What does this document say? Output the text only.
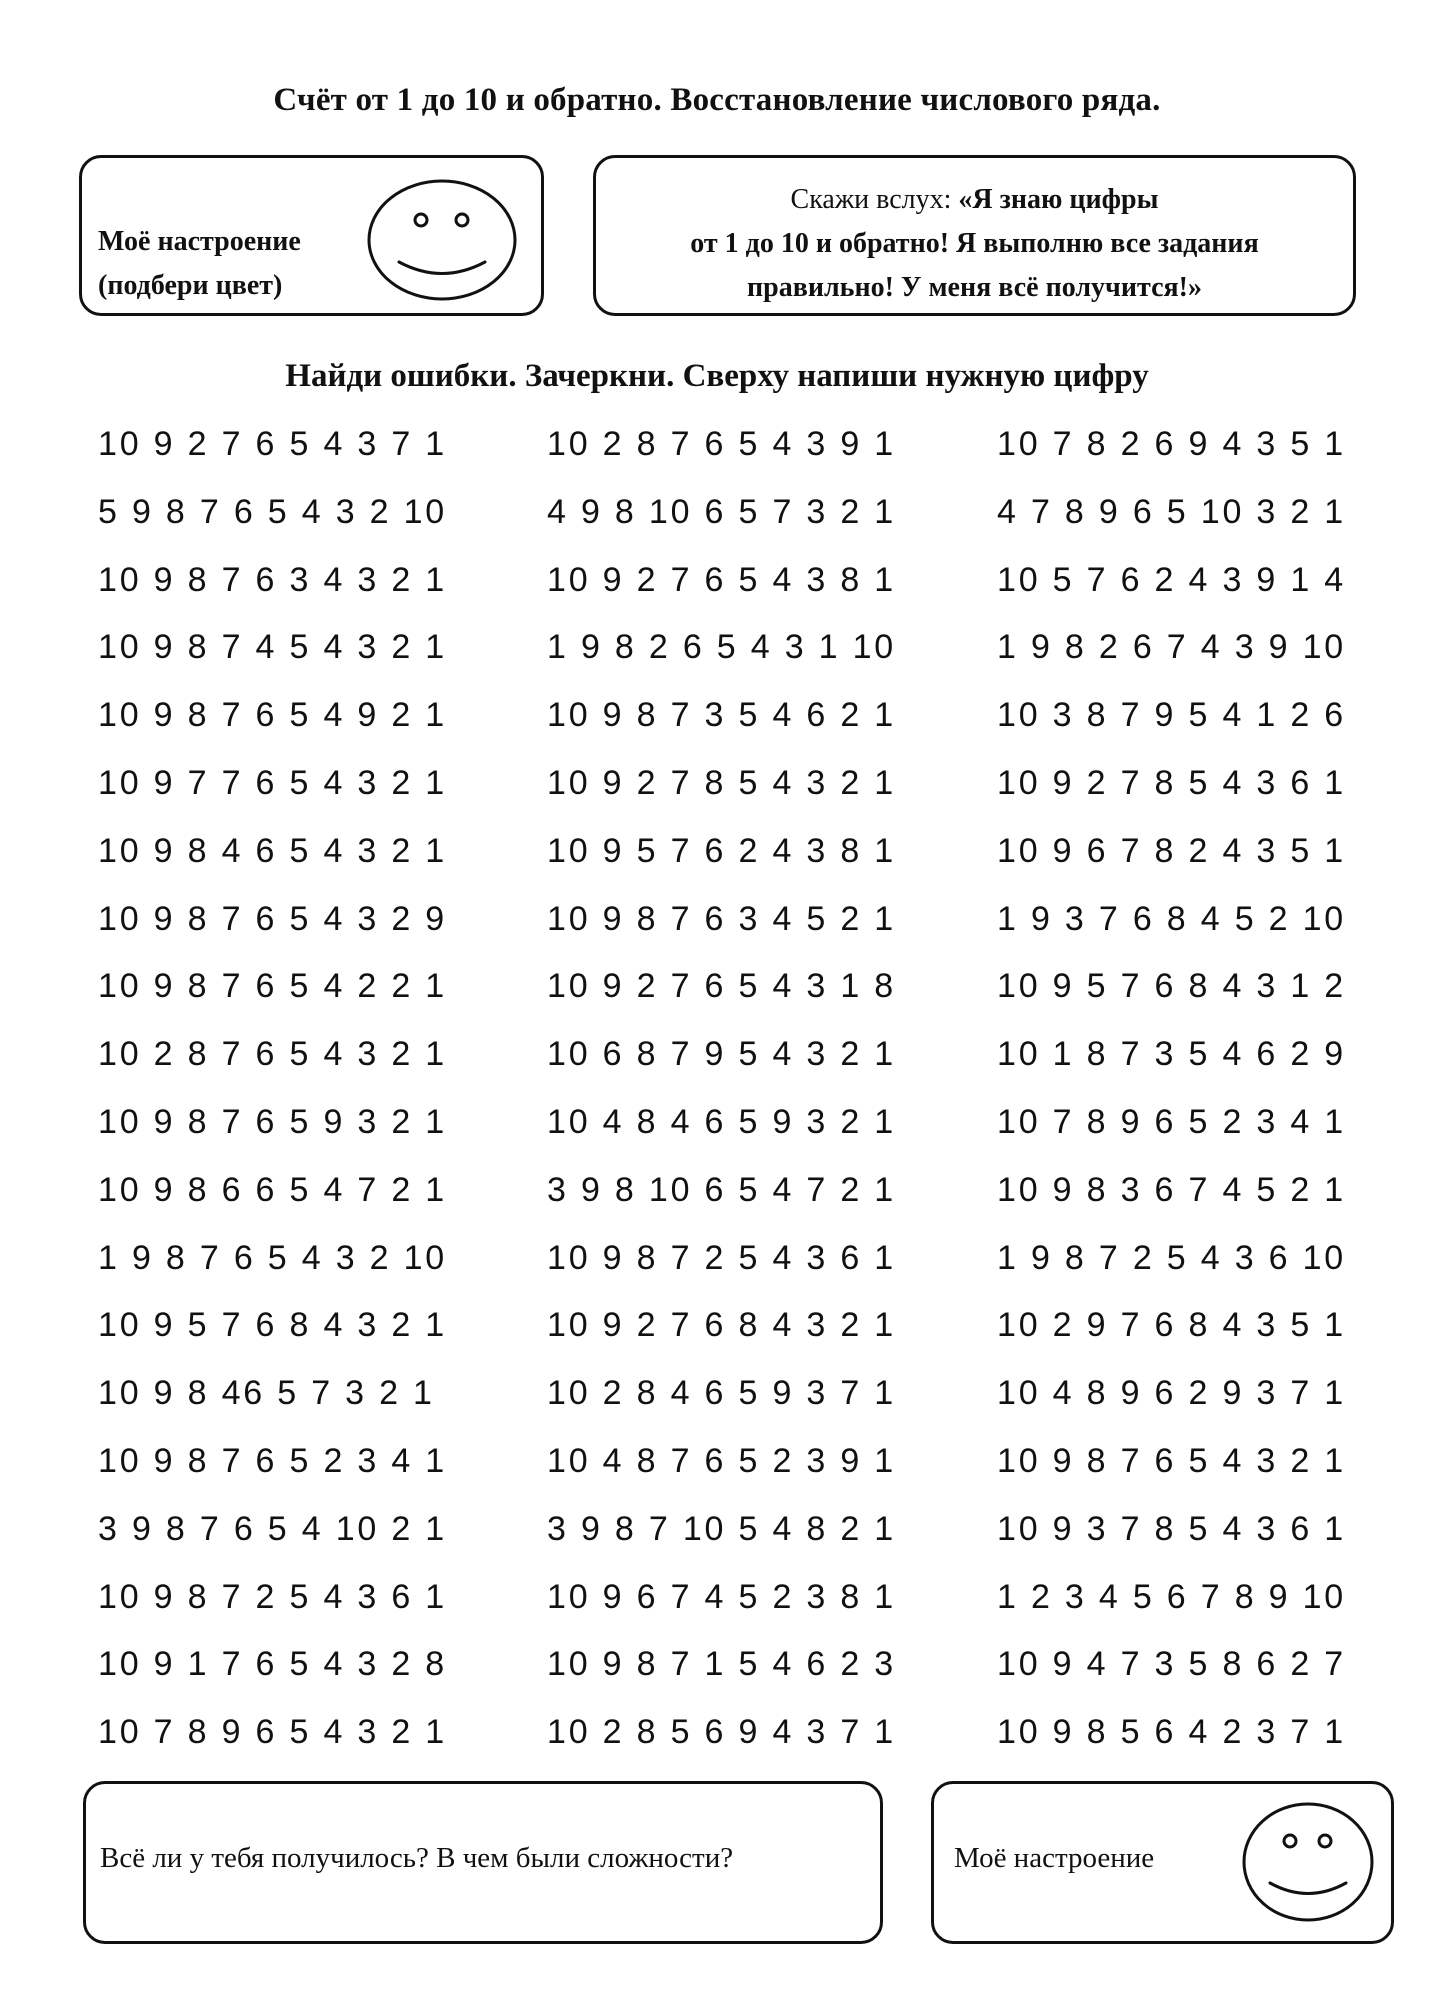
Счёт от 1 до 10 и обратно. Восстановление числового ряда.
Моё настроение
(подбери цвет)
Скажи вслух: «Я знаю цифры
от 1 до 10 и обратно! Я выполню все задания
правильно! У меня всё получится!»
Найди ошибки. Зачеркни. Сверху напиши нужную цифру
10 9 2 7 6 5 4 3 7 1
5 9 8 7 6 5 4 3 2 10
10 9 8 7 6 3 4 3 2 1
10 9 8 7 4 5 4 3 2 1
10 9 8 7 6 5 4 9 2 1
10 9 7 7 6 5 4 3 2 1
10 9 8 4 6 5 4 3 2 1
10 9 8 7 6 5 4 3 2 9
10 9 8 7 6 5 4 2 2 1
10 2 8 7 6 5 4 3 2 1
10 9 8 7 6 5 9 3 2 1
10 9 8 6 6 5 4 7 2 1
1 9 8 7 6 5 4 3 2 10
10 9 5 7 6 8 4 3 2 1
10 9 8 46 5 7 3 2 1
10 9 8 7 6 5 2 3 4 1
3 9 8 7 6 5 4 10 2 1
10 9 8 7 2 5 4 3 6 1
10 9 1 7 6 5 4 3 2 8
10 7 8 9 6 5 4 3 2 1
10 2 8 7 6 5 4 3 9 1
4 9 8 10 6 5 7 3 2 1
10 9 2 7 6 5 4 3 8 1
1 9 8 2 6 5 4 3 1 10
10 9 8 7 3 5 4 6 2 1
10 9 2 7 8 5 4 3 2 1
10 9 5 7 6 2 4 3 8 1
10 9 8 7 6 3 4 5 2 1
10 9 2 7 6 5 4 3 1 8
10 6 8 7 9 5 4 3 2 1
10 4 8 4 6 5 9 3 2 1
3 9 8 10 6 5 4 7 2 1
10 9 8 7 2 5 4 3 6 1
10 9 2 7 6 8 4 3 2 1
10 2 8 4 6 5 9 3 7 1
10 4 8 7 6 5 2 3 9 1
3 9 8 7 10 5 4 8 2 1
10 9 6 7 4 5 2 3 8 1
10 9 8 7 1 5 4 6 2 3
10 2 8 5 6 9 4 3 7 1
10 7 8 2 6 9 4 3 5 1
4 7 8 9 6 5 10 3 2 1
10 5 7 6 2 4 3 9 1 4
1 9 8 2 6 7 4 3 9 10
10 3 8 7 9 5 4 1 2 6
10 9 2 7 8 5 4 3 6 1
10 9 6 7 8 2 4 3 5 1
1 9 3 7 6 8 4 5 2 10
10 9 5 7 6 8 4 3 1 2
10 1 8 7 3 5 4 6 2 9
10 7 8 9 6 5 2 3 4 1
10 9 8 3 6 7 4 5 2 1
1 9 8 7 2 5 4 3 6 10
10 2 9 7 6 8 4 3 5 1
10 4 8 9 6 2 9 3 7 1
10 9 8 7 6 5 4 3 2 1
10 9 3 7 8 5 4 3 6 1
1 2 3 4 5 6 7 8 9 10
10 9 4 7 3 5 8 6 2 7
10 9 8 5 6 4 2 3 7 1
Всё ли у тебя получилось? В чем были сложности?	Моё настроение
